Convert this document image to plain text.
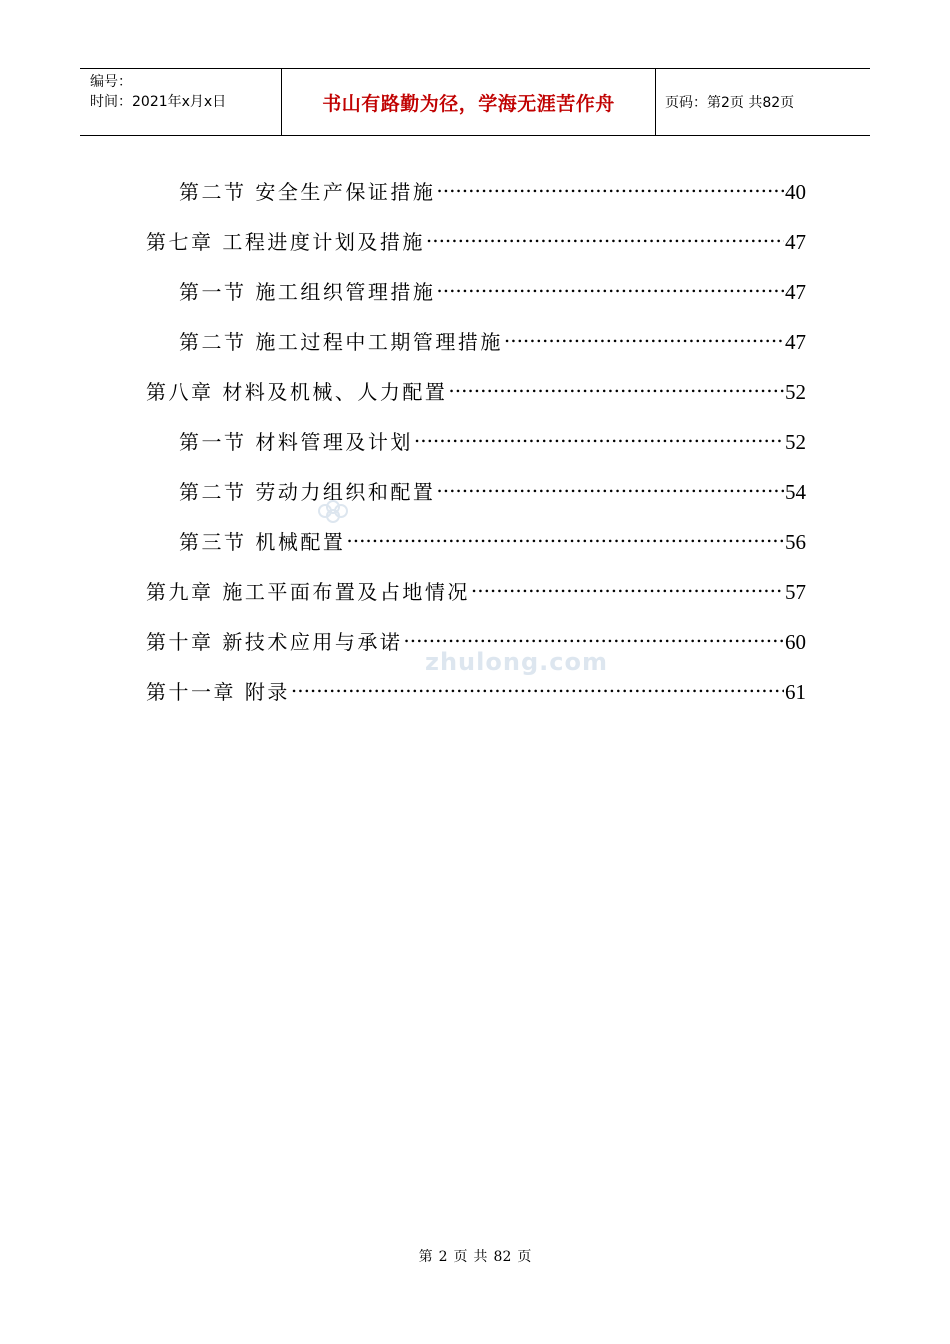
编号：
时间：2021年x月x日	书山有路勤为径，学海无涯苦作舟	页码：第2页 共82页
第二节 安全生产保证措施 .....	40
第七章 工程进度计划及措施 .....	47
第一节 施工组织管理措施 .....	47
第二节 施工过程中工期管理措施 .....	47
第八章 材料及机械、人力配置 .....	52
第一节 材料管理及计划 .....	52
第二节 劳动力组织和配置 .....	54
第三节 机械配置 .....	56
第九章 施工平面布置及占地情况 .....	57
第十章 新技术应用与承诺 .....	60
第十一章 附录 .....	61
zhulong.com
第 2 页 共 82 页
